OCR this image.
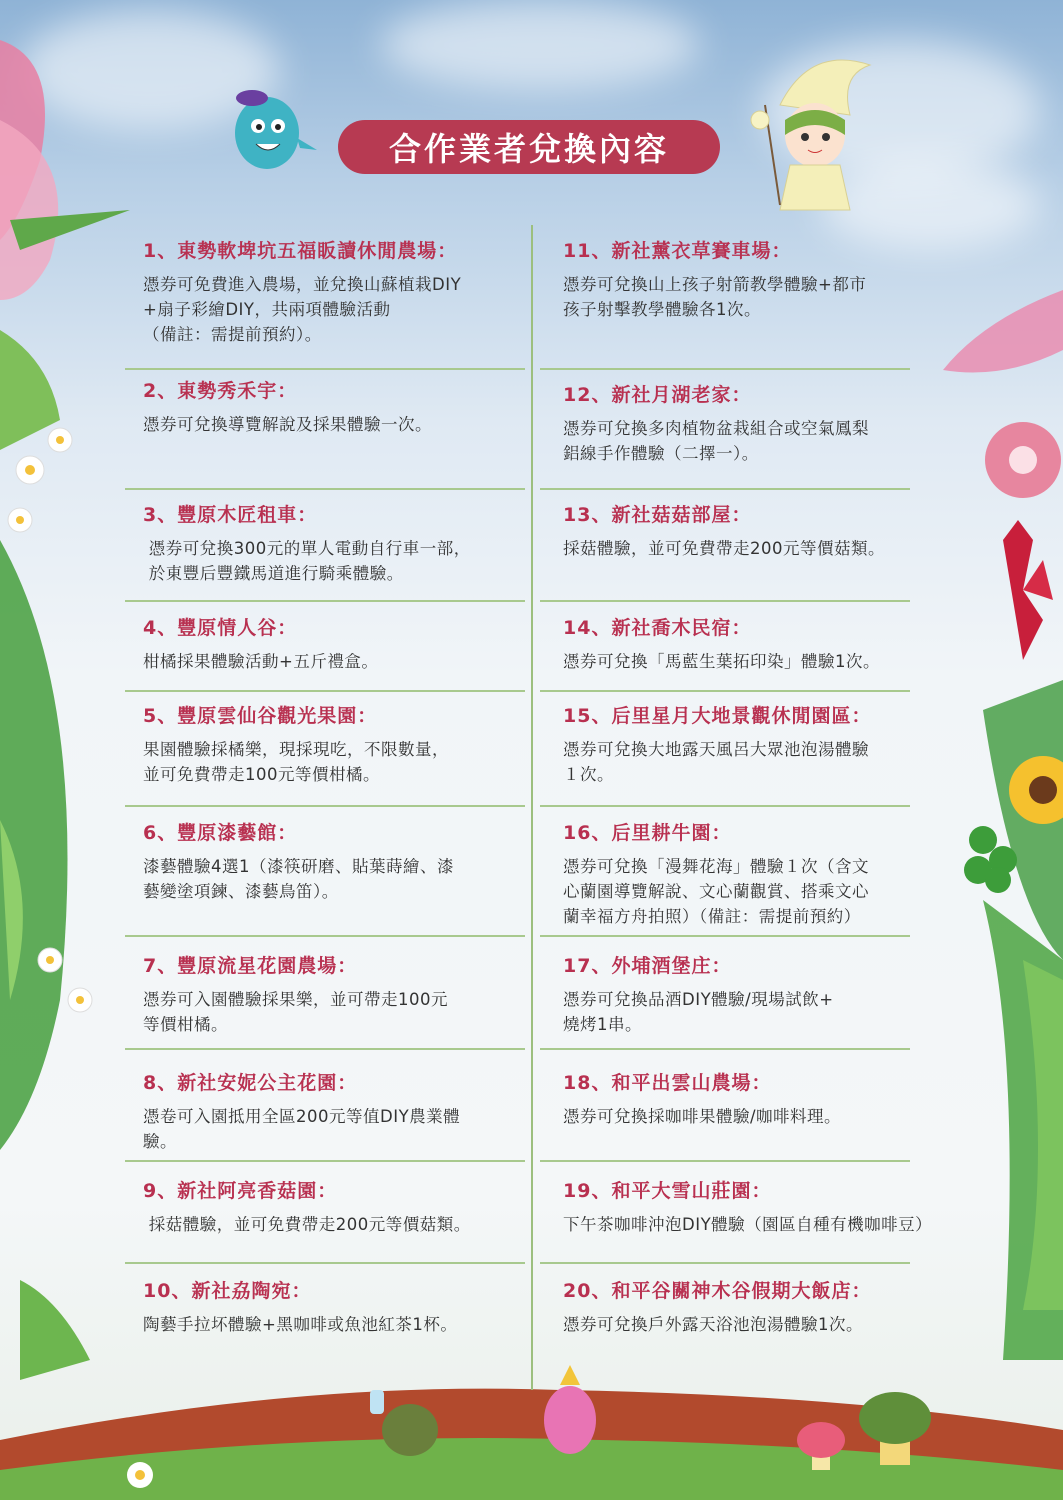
合作業者兌換內容
1、東勢軟埤坑五福眅讀休閒農場：
憑券可免費進入農場，並兌換山蘇植栽DIY
+扇子彩繪DIY，共兩項體驗活動
（備註：需提前預約）。
2、東勢秀禾宇：
憑券可兌換導覽解說及採果體驗一次。
3、豐原木匠租車：
憑券可兌換300元的單人電動自行車一部，
於東豐后豐鐵馬道進行騎乘體驗。
4、豐原情人谷：
柑橘採果體驗活動+五斤禮盒。
5、豐原雲仙谷觀光果園：
果園體驗採橘樂，現採現吃，不限數量，
並可免費帶走100元等價柑橘。
6、豐原漆藝館：
漆藝體驗4選1（漆筷研磨、貼葉蒔繪、漆
藝變塗項鍊、漆藝鳥笛）。
7、豐原流星花園農場：
憑券可入園體驗採果樂，並可帶走100元
等價柑橘。
8、新社安妮公主花園：
憑卷可入園抵用全區200元等值DIY農業體
驗。
9、新社阿亮香菇園：
採菇體驗，並可免費帶走200元等價菇類。
10、新社劦陶宛：
陶藝手拉坏體驗+黑咖啡或魚池紅茶1杯。
11、新社薰衣草賽車場：
憑券可兌換山上孩子射箭教學體驗+都市
孩子射擊教學體驗各1次。
12、新社月湖老家：
憑券可兌換多肉植物盆栽組合或空氣鳳梨
鋁線手作體驗（二擇一）。
13、新社菇菇部屋：
採菇體驗，並可免費帶走200元等價菇類。
14、新社喬木民宿：
憑券可兌換「馬藍生葉拓印染」體驗1次。
15、后里星月大地景觀休閒園區：
憑券可兌換大地露天風呂大眾池泡湯體驗
１次。
16、后里耕牛園：
憑券可兌換「漫舞花海」體驗１次（含文
心蘭園導覽解說、文心蘭觀賞、搭乘文心
蘭幸福方舟拍照）（備註：需提前預約）
17、外埔酒堡庄：
憑券可兌換品酒DIY體驗/現場試飲+
燒烤1串。
18、和平出雲山農場：
憑券可兌換採咖啡果體驗/咖啡料理。
19、和平大雪山莊園：
下午茶咖啡沖泡DIY體驗（園區自種有機咖啡豆）
20、和平谷關神木谷假期大飯店：
憑券可兌換戶外露天浴池泡湯體驗1次。
